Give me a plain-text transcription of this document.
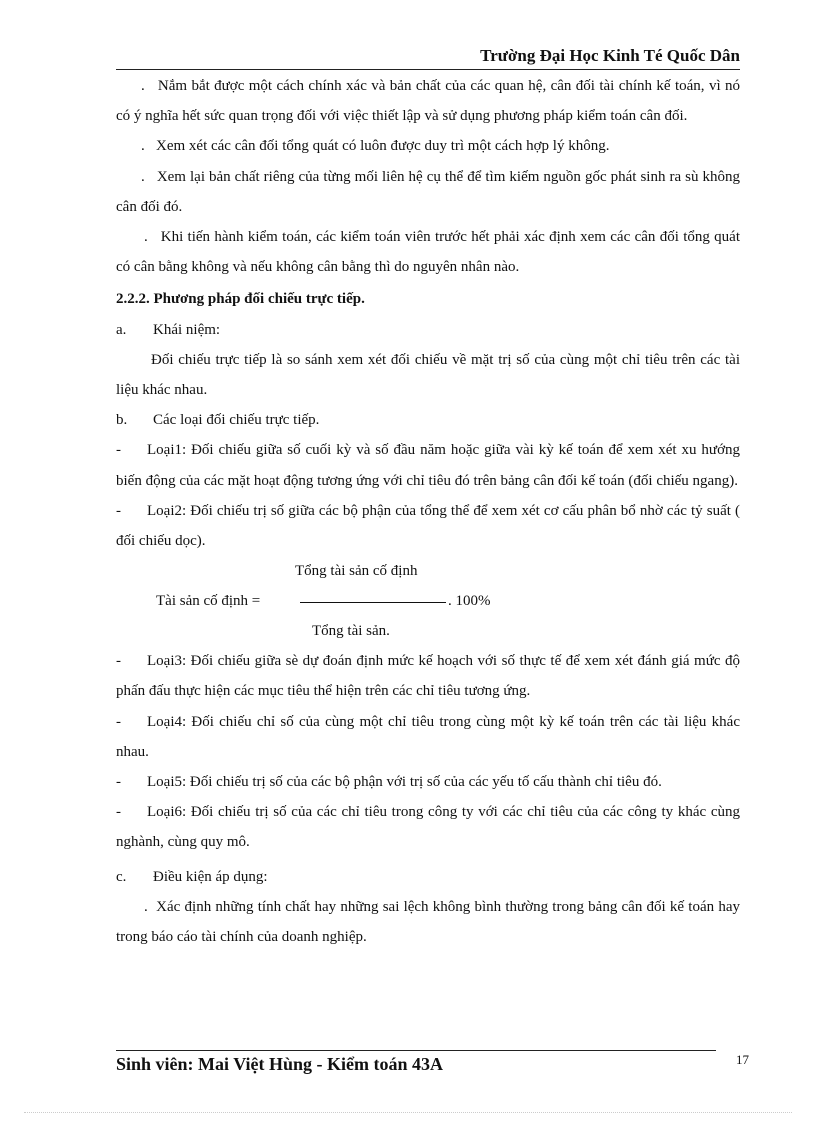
Trường Đại Học Kinh Té Quốc Dân

. Nắm bắt được một cách chính xác và bản chất của các quan hệ, cân đối tài chính kế toán, vì nó có ý nghĩa hết sức quan trọng đối với việc thiết lập và sử dụng phương pháp kiểm toán cân đối.

. Xem xét các cân đối tổng quát có luôn được duy trì một cách hợp lý không.

. Xem lại bản chất riêng của từng mối liên hệ cụ thể để tìm kiếm nguồn gốc phát sinh ra sù không cân đối đó.

. Khi tiến hành kiểm toán, các kiểm toán viên trước hết phải xác định xem các cân đối tổng quát có cân bằng không và nếu không cân bằng thì do nguyên nhân nào.

2.2.2. Phương pháp đối chiếu trực tiếp.

a. Khái niệm:

Đối chiếu trực tiếp là so sánh xem xét đối chiếu về mặt trị số của cùng một chỉ tiêu trên các tài liệu khác nhau.

b. Các loại đối chiếu trực tiếp.

- Loại1: Đối chiếu giữa số cuối kỳ và số đầu năm hoặc giữa vài kỳ kế toán để xem xét xu hướng biến động của các mặt hoạt động tương ứng với chỉ tiêu đó trên bảng cân đối kế toán (đối chiếu ngang).

- Loại2: Đối chiếu trị số giữa các bộ phận của tổng thể để xem xét cơ cấu phân bổ nhờ các tỷ suất ( đối chiếu dọc).

Tổng tài sản cố định
Tài sản cố định =	. 100%
Tổng tài sản.

- Loại3: Đối chiếu giữa sè dự đoán định mức kế hoạch với số thực tế để xem xét đánh giá mức độ phấn đấu thực hiện các mục tiêu thể hiện trên các chỉ tiêu tương ứng.

- Loại4: Đối chiếu chỉ số của cùng một chỉ tiêu trong cùng một kỳ kế toán trên các tài liệu khác nhau.

- Loại5: Đối chiếu trị số của các bộ phận với trị số của các yếu tố cấu thành chỉ tiêu đó.

- Loại6: Đối chiếu trị số của các chỉ tiêu trong công ty với các chỉ tiêu của các công ty khác cùng nghành, cùng quy mô.

c. Điều kiện áp dụng:

. Xác định những tính chất hay những sai lệch không bình thường trong bảng cân đối kế toán hay trong báo cáo tài chính của doanh nghiệp.

Sinh viên: Mai Việt Hùng - Kiểm toán 43A	17
